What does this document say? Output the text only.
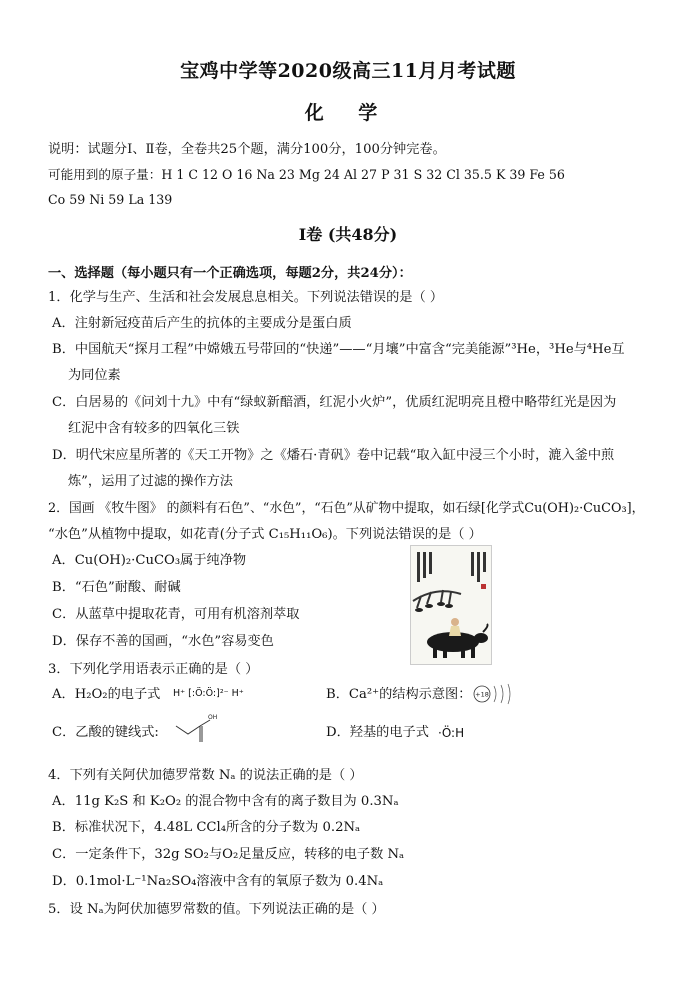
宝鸡中学等2020级高三11月月考试题
化 学
说明：试题分Ⅰ、Ⅱ卷，全卷共25个题，满分100分，100分钟完卷。
可能用到的原子量：H 1 C 12 O 16 Na 23 Mg 24 Al 27 P 31 S 32 Cl 35.5 K 39 Fe 56
Co 59 Ni 59 La 139
Ⅰ卷 (共48分)
一、选择题（每小题只有一个正确选项，每题2分，共24分）：
1．化学与生产、生活和社会发展息息相关。下列说法错误的是（ ）
A．注射新冠疫苗后产生的抗体的主要成分是蛋白质
B．中国航天“探月工程”中嫦娥五号带回的“快递”——“月壤”中富含“完美能源”³He，³He与⁴He互
为同位素
C．白居易的《问刘十九》中有“绿蚁新醅酒，红泥小火炉”，优质红泥明亮且橙中略带红光是因为
红泥中含有较多的四氧化三铁
D．明代宋应星所著的《天工开物》之《燔石·青矾》卷中记载“取入缸中浸三个小时，漉入釜中煎
炼”，运用了过滤的操作方法
2．国画 《牧牛图》 的颜料有石色”、“水色”，“石色”从矿物中提取，如石绿[化学式Cu(OH)₂·CuCO₃]，
“水色”从植物中提取，如花青(分子式 C₁₅H₁₁O₆)。下列说法错误的是（ ）
A．Cu(OH)₂·CuCO₃属于纯净物
B．“石色”耐酸、耐碱
C．从蓝草中提取花青，可用有机溶剂萃取
D．保存不善的国画，“水色”容易变色
3．下列化学用语表示正确的是（ ）
A．H₂O₂的电子式 H⁺ [:Ö:Ö:]²⁻ H⁺	B．Ca²⁺的结构示意图： +18
C．乙酸的键线式:
OH
D．羟基的电子式 ·Ö:H
4．下列有关阿伏加德罗常数 Nₐ 的说法正确的是（ ）
A．11g K₂S 和 K₂O₂ 的混合物中含有的离子数目为 0.3Nₐ
B．标准状况下，4.48L CCl₄所含的分子数为 0.2Nₐ
C．一定条件下，32g SO₂与O₂足量反应，转移的电子数 Nₐ
D．0.1mol·L⁻¹Na₂SO₄溶液中含有的氧原子数为 0.4Nₐ
5．设 Nₐ为阿伏加德罗常数的值。下列说法正确的是（ ）
